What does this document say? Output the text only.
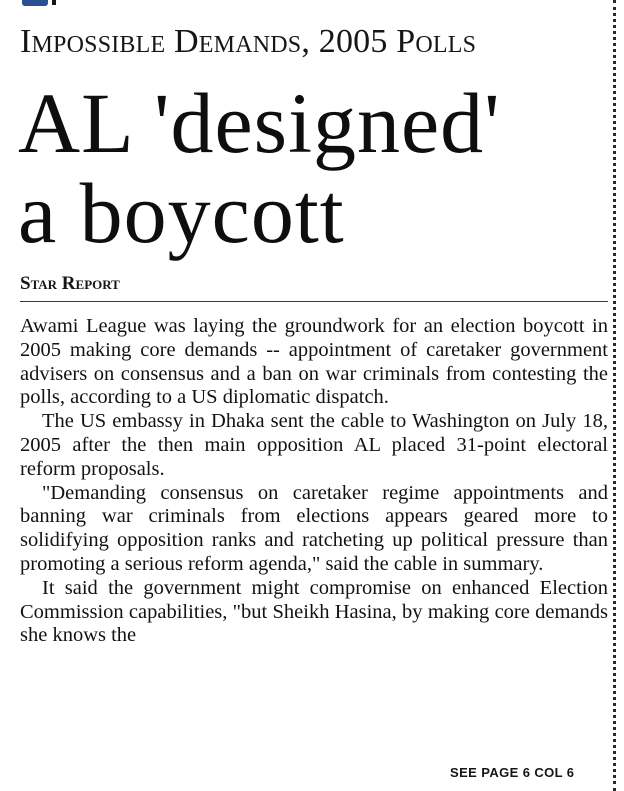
Impossible Demands, 2005 Polls
AL 'designed'
a boycott
Star Report

Awami League was laying the groundwork for an election boycott in 2005 making core demands -- appointment of caretaker government advisers on consensus and a ban on war criminals from contesting the polls, according to a US diplomatic dispatch.

The US embassy in Dhaka sent the cable to Washington on July 18, 2005 after the then main opposition AL placed 31-point electoral reform proposals.

"Demanding consensus on caretaker regime appointments and banning war criminals from elections appears geared more to solidifying opposition ranks and ratcheting up political pressure than promoting a serious reform agenda," said the cable in summary.

It said the government might compromise on enhanced Election Commission capabilities, "but Sheikh Hasina, by making core demands she knows the

SEE PAGE 6 COL 6
